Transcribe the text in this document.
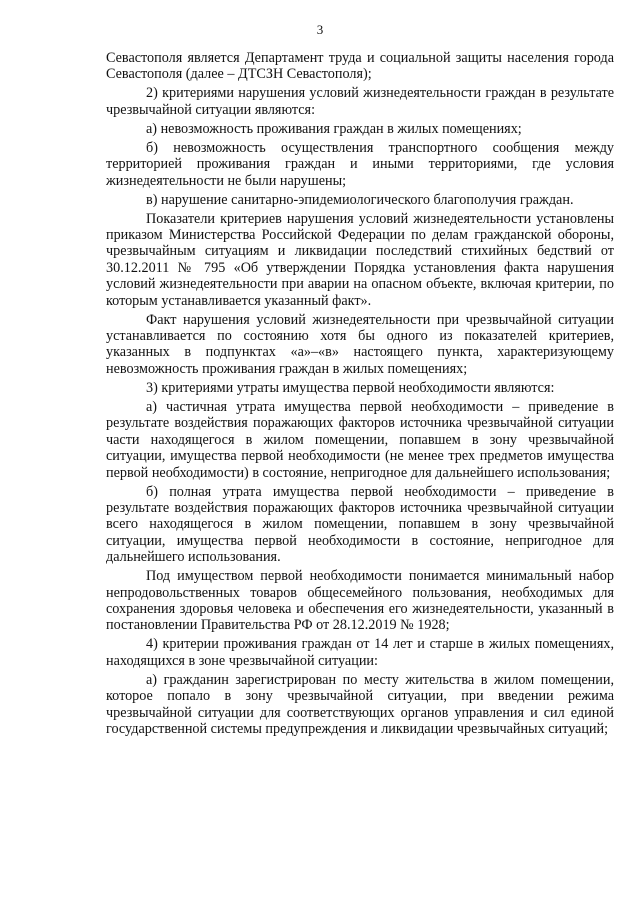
3

Севастополя является Департамент труда и социальной защиты населения города Севастополя (далее – ДТСЗН Севастополя);

2) критериями нарушения условий жизнедеятельности граждан в результате чрезвычайной ситуации являются:

а) невозможность проживания граждан в жилых помещениях;

б) невозможность осуществления транспортного сообщения между территорией проживания граждан и иными территориями, где условия жизнедеятельности не были нарушены;

в) нарушение санитарно-эпидемиологического благополучия граждан.

Показатели критериев нарушения условий жизнедеятельности установлены приказом Министерства Российской Федерации по делам гражданской обороны, чрезвычайным ситуациям и ликвидации последствий стихийных бедствий от 30.12.2011 № 795 «Об утверждении Порядка установления факта нарушения условий жизнедеятельности при аварии на опасном объекте, включая критерии, по которым устанавливается указанный факт».

Факт нарушения условий жизнедеятельности при чрезвычайной ситуации устанавливается по состоянию хотя бы одного из показателей критериев, указанных в подпунктах «а»–«в» настоящего пункта, характеризующему невозможность проживания граждан в жилых помещениях;

3) критериями утраты имущества первой необходимости являются:

а) частичная утрата имущества первой необходимости – приведение в результате воздействия поражающих факторов источника чрезвычайной ситуации части находящегося в жилом помещении, попавшем в зону чрезвычайной ситуации, имущества первой необходимости (не менее трех предметов имущества первой необходимости) в состояние, непригодное для дальнейшего использования;

б) полная утрата имущества первой необходимости – приведение в результате воздействия поражающих факторов источника чрезвычайной ситуации всего находящегося в жилом помещении, попавшем в зону чрезвычайной ситуации, имущества первой необходимости в состояние, непригодное для дальнейшего использования.

Под имуществом первой необходимости понимается минимальный набор непродовольственных товаров общесемейного пользования, необходимых для сохранения здоровья человека и обеспечения его жизнедеятельности, указанный в постановлении Правительства РФ от 28.12.2019 № 1928;

4) критерии проживания граждан от 14 лет и старше в жилых помещениях, находящихся в зоне чрезвычайной ситуации:

а) гражданин зарегистрирован по месту жительства в жилом помещении, которое попало в зону чрезвычайной ситуации, при введении режима чрезвычайной ситуации для соответствующих органов управления и сил единой государственной системы предупреждения и ликвидации чрезвычайных ситуаций;
